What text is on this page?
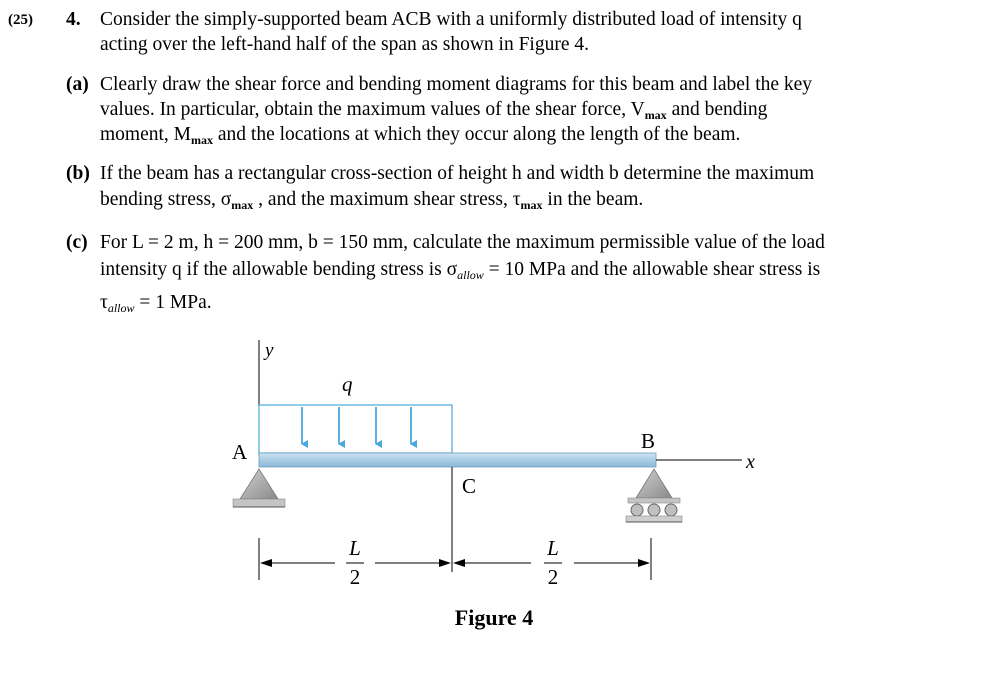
(25) 4. Consider the simply-supported beam ACB with a uniformly distributed load of intensity q
acting over the left-hand half of the span as shown in Figure 4.
(a) Clearly draw the shear force and bending moment diagrams for this beam and label the key
values. In particular, obtain the maximum values of the shear force, $V_{max}$ and bending
moment, $M_{max}$ and the locations at which they occur along the length of the beam.
(b) If the beam has a rectangular cross-section of height h and width b determine the maximum
bending stress, $\sigma_{max}$ , and the maximum shear stress, $\tau_{max}$ in the beam.
(c) For L = 2 m, h = 200 mm, b = 150 mm, calculate the maximum permissible value of the load
intensity q if the allowable bending stress is $\sigma_{allow} = 10$ MPa and the allowable shear stress is
$\tau_{allow} = 1$ MPa.
y
q
A	B
C
x
L
2
L
2
Figure 4
